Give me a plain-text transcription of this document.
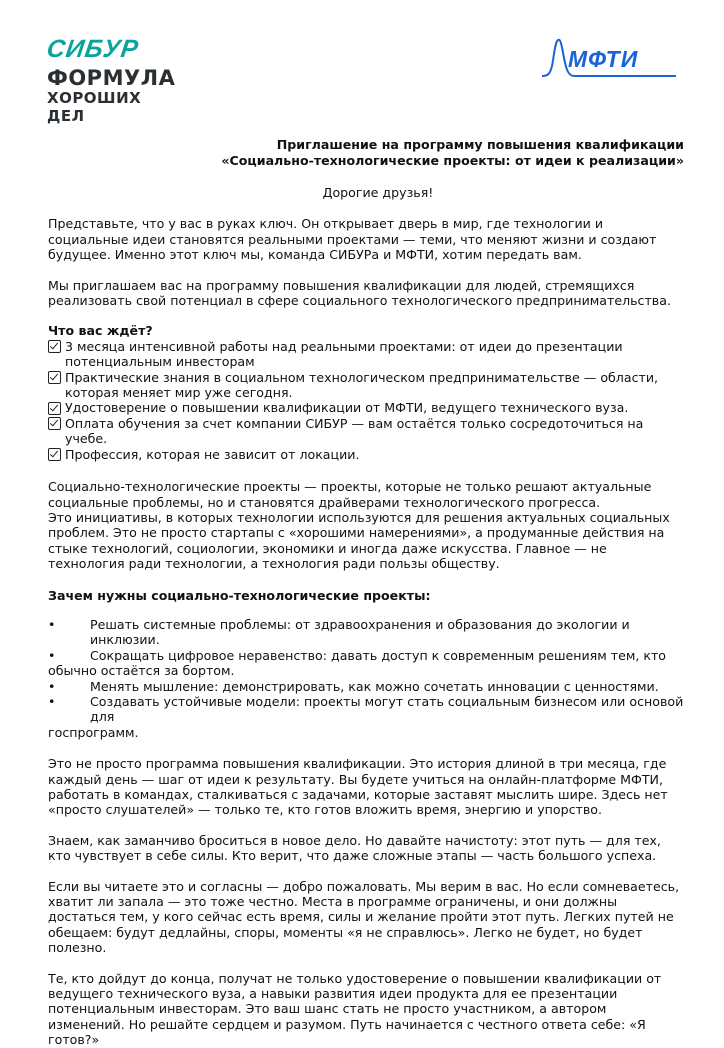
СИБУР
ФОРМУЛА
ХОРОШИХ ДЕЛ
МФТИ
Приглашение на программу повышения квалификации
«Социально-технологические проекты: от идеи к реализации»

Дорогие друзья!

Представьте, что у вас в руках ключ. Он открывает дверь в мир, где технологии и социальные идеи становятся реальными проектами — теми, что меняют жизни и создают будущее. Именно этот ключ мы, команда СИБУРа и МФТИ, хотим передать вам.

Мы приглашаем вас на программу повышения квалификации для людей, стремящихся реализовать свой потенциал в сфере социального технологического предпринимательства.

Что вас ждёт?

3 месяца интенсивной работы над реальными проектами: от идеи до презентации потенциальным инвесторам
Практические знания в социальном технологическом предпринимательстве — области, которая меняет мир уже сегодня.
Удостоверение о повышении квалификации от МФТИ, ведущего технического вуза.
Оплата обучения за счет компании СИБУР — вам остаётся только сосредоточиться на учебе.
Профессия, которая не зависит от локации.

Социально-технологические проекты — проекты, которые не только решают актуальные социальные проблемы, но и становятся драйверами технологического прогресса.

Это инициативы, в которых технологии используются для решения актуальных социальных проблем. Это не просто стартапы с «хорошими намерениями», а продуманные действия на стыке технологий, социологии, экономики и иногда даже искусства. Главное — не технология ради технологии, а технология ради пользы обществу.

Зачем нужны социально-технологические проекты:

•	Решать системные проблемы: от здравоохранения и образования до экологии и инклюзии.
•	Сокращать цифровое неравенство: давать доступ к современным решениям тем, кто
обычно остаётся за бортом.
•	Менять мышление: демонстрировать, как можно сочетать инновации с ценностями.
•	Создавать устойчивые модели: проекты могут стать социальным бизнесом или основой для
госпрограмм.

Это не просто программа повышения квалификации. Это история длиной в три месяца, где каждый день — шаг от идеи к результату. Вы будете учиться на онлайн-платформе МФТИ, работать в командах, сталкиваться с задачами, которые заставят мыслить шире. Здесь нет «просто слушателей» — только те, кто готов вложить время, энергию и упорство.

Знаем, как заманчиво броситься в новое дело. Но давайте начистоту: этот путь — для тех, кто чувствует в себе силы. Кто верит, что даже сложные этапы — часть большого успеха.

Если вы читаете это и согласны — добро пожаловать. Мы верим в вас. Но если сомневаетесь, хватит ли запала — это тоже честно. Места в программе ограничены, и они должны достаться тем, у кого сейчас есть время, силы и желание пройти этот путь. Легких путей не обещаем: будут дедлайны, споры, моменты «я не справлюсь». Легко не будет, но будет полезно.

Те, кто дойдут до конца, получат не только удостоверение о повышении квалификации от ведущего технического вуза, а навыки развития идеи продукта для ее презентации потенциальным инвесторам. Это ваш шанс стать не просто участником, а автором изменений. Но решайте сердцем и разумом. Путь начинается с честного ответа себе: «Я готов?»
